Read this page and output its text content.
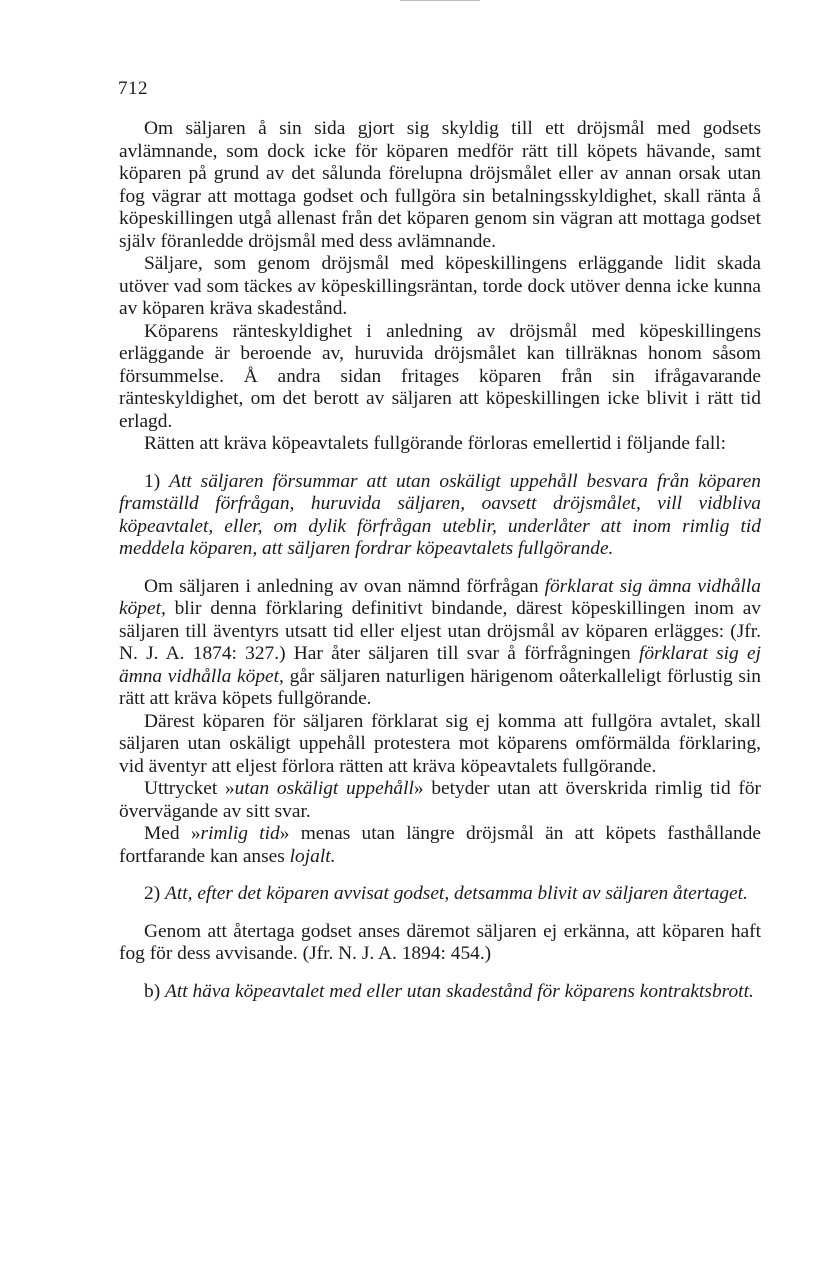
712

Om säljaren å sin sida gjort sig skyldig till ett dröjsmål med godsets avlämnande, som dock icke för köparen medför rätt till köpets hävande, samt köparen på grund av det sålunda förelupna dröjsmålet eller av annan orsak utan fog vägrar att mottaga godset och fullgöra sin betalningsskyldighet, skall ränta å köpeskillingen utgå allenast från det köparen genom sin vägran att mottaga godset själv föranledde dröjsmål med dess avlämnande.

Säljare, som genom dröjsmål med köpeskillingens erläggande lidit skada utöver vad som täckes av köpeskillingsräntan, torde dock utöver denna icke kunna av köparen kräva skadestånd.

Köparens ränteskyldighet i anledning av dröjsmål med köpeskillingens erläggande är beroende av, huruvida dröjsmålet kan tillräknas honom såsom försummelse. Å andra sidan fritages köparen från sin ifrågavarande ränteskyldighet, om det berott av säljaren att köpeskillingen icke blivit i rätt tid erlagd.

Rätten att kräva köpeavtalets fullgörande förloras emellertid i följande fall:

1) Att säljaren försummar att utan oskäligt uppehåll besvara från köparen framställd förfrågan, huruvida säljaren, oavsett dröjsmålet, vill vidbliva köpeavtalet, eller, om dylik förfrågan uteblir, underlåter att inom rimlig tid meddela köparen, att säljaren fordrar köpeavtalets fullgörande.

Om säljaren i anledning av ovan nämnd förfrågan förklarat sig ämna vidhålla köpet, blir denna förklaring definitivt bindande, därest köpeskillingen inom av säljaren till äventyrs utsatt tid eller eljest utan dröjsmål av köparen erlägges: (Jfr. N. J. A. 1874: 327.) Har åter säljaren till svar å förfrågningen förklarat sig ej ämna vidhålla köpet, går säljaren naturligen härigenom oåterkalleligt förlustig sin rätt att kräva köpets fullgörande.

Därest köparen för säljaren förklarat sig ej komma att fullgöra avtalet, skall säljaren utan oskäligt uppehåll protestera mot köparens omförmälda förklaring, vid äventyr att eljest förlora rätten att kräva köpeavtalets fullgörande.

Uttrycket »utan oskäligt uppehåll» betyder utan att överskrida rimlig tid för övervägande av sitt svar.

Med »rimlig tid» menas utan längre dröjsmål än att köpets fasthållande fortfarande kan anses lojalt.

2) Att, efter det köparen avvisat godset, detsamma blivit av säljaren återtaget.

Genom att återtaga godset anses däremot säljaren ej erkänna, att köparen haft fog för dess avvisande. (Jfr. N. J. A. 1894: 454.)

b) Att häva köpeavtalet med eller utan skadestånd för köparens kontraktsbrott.
